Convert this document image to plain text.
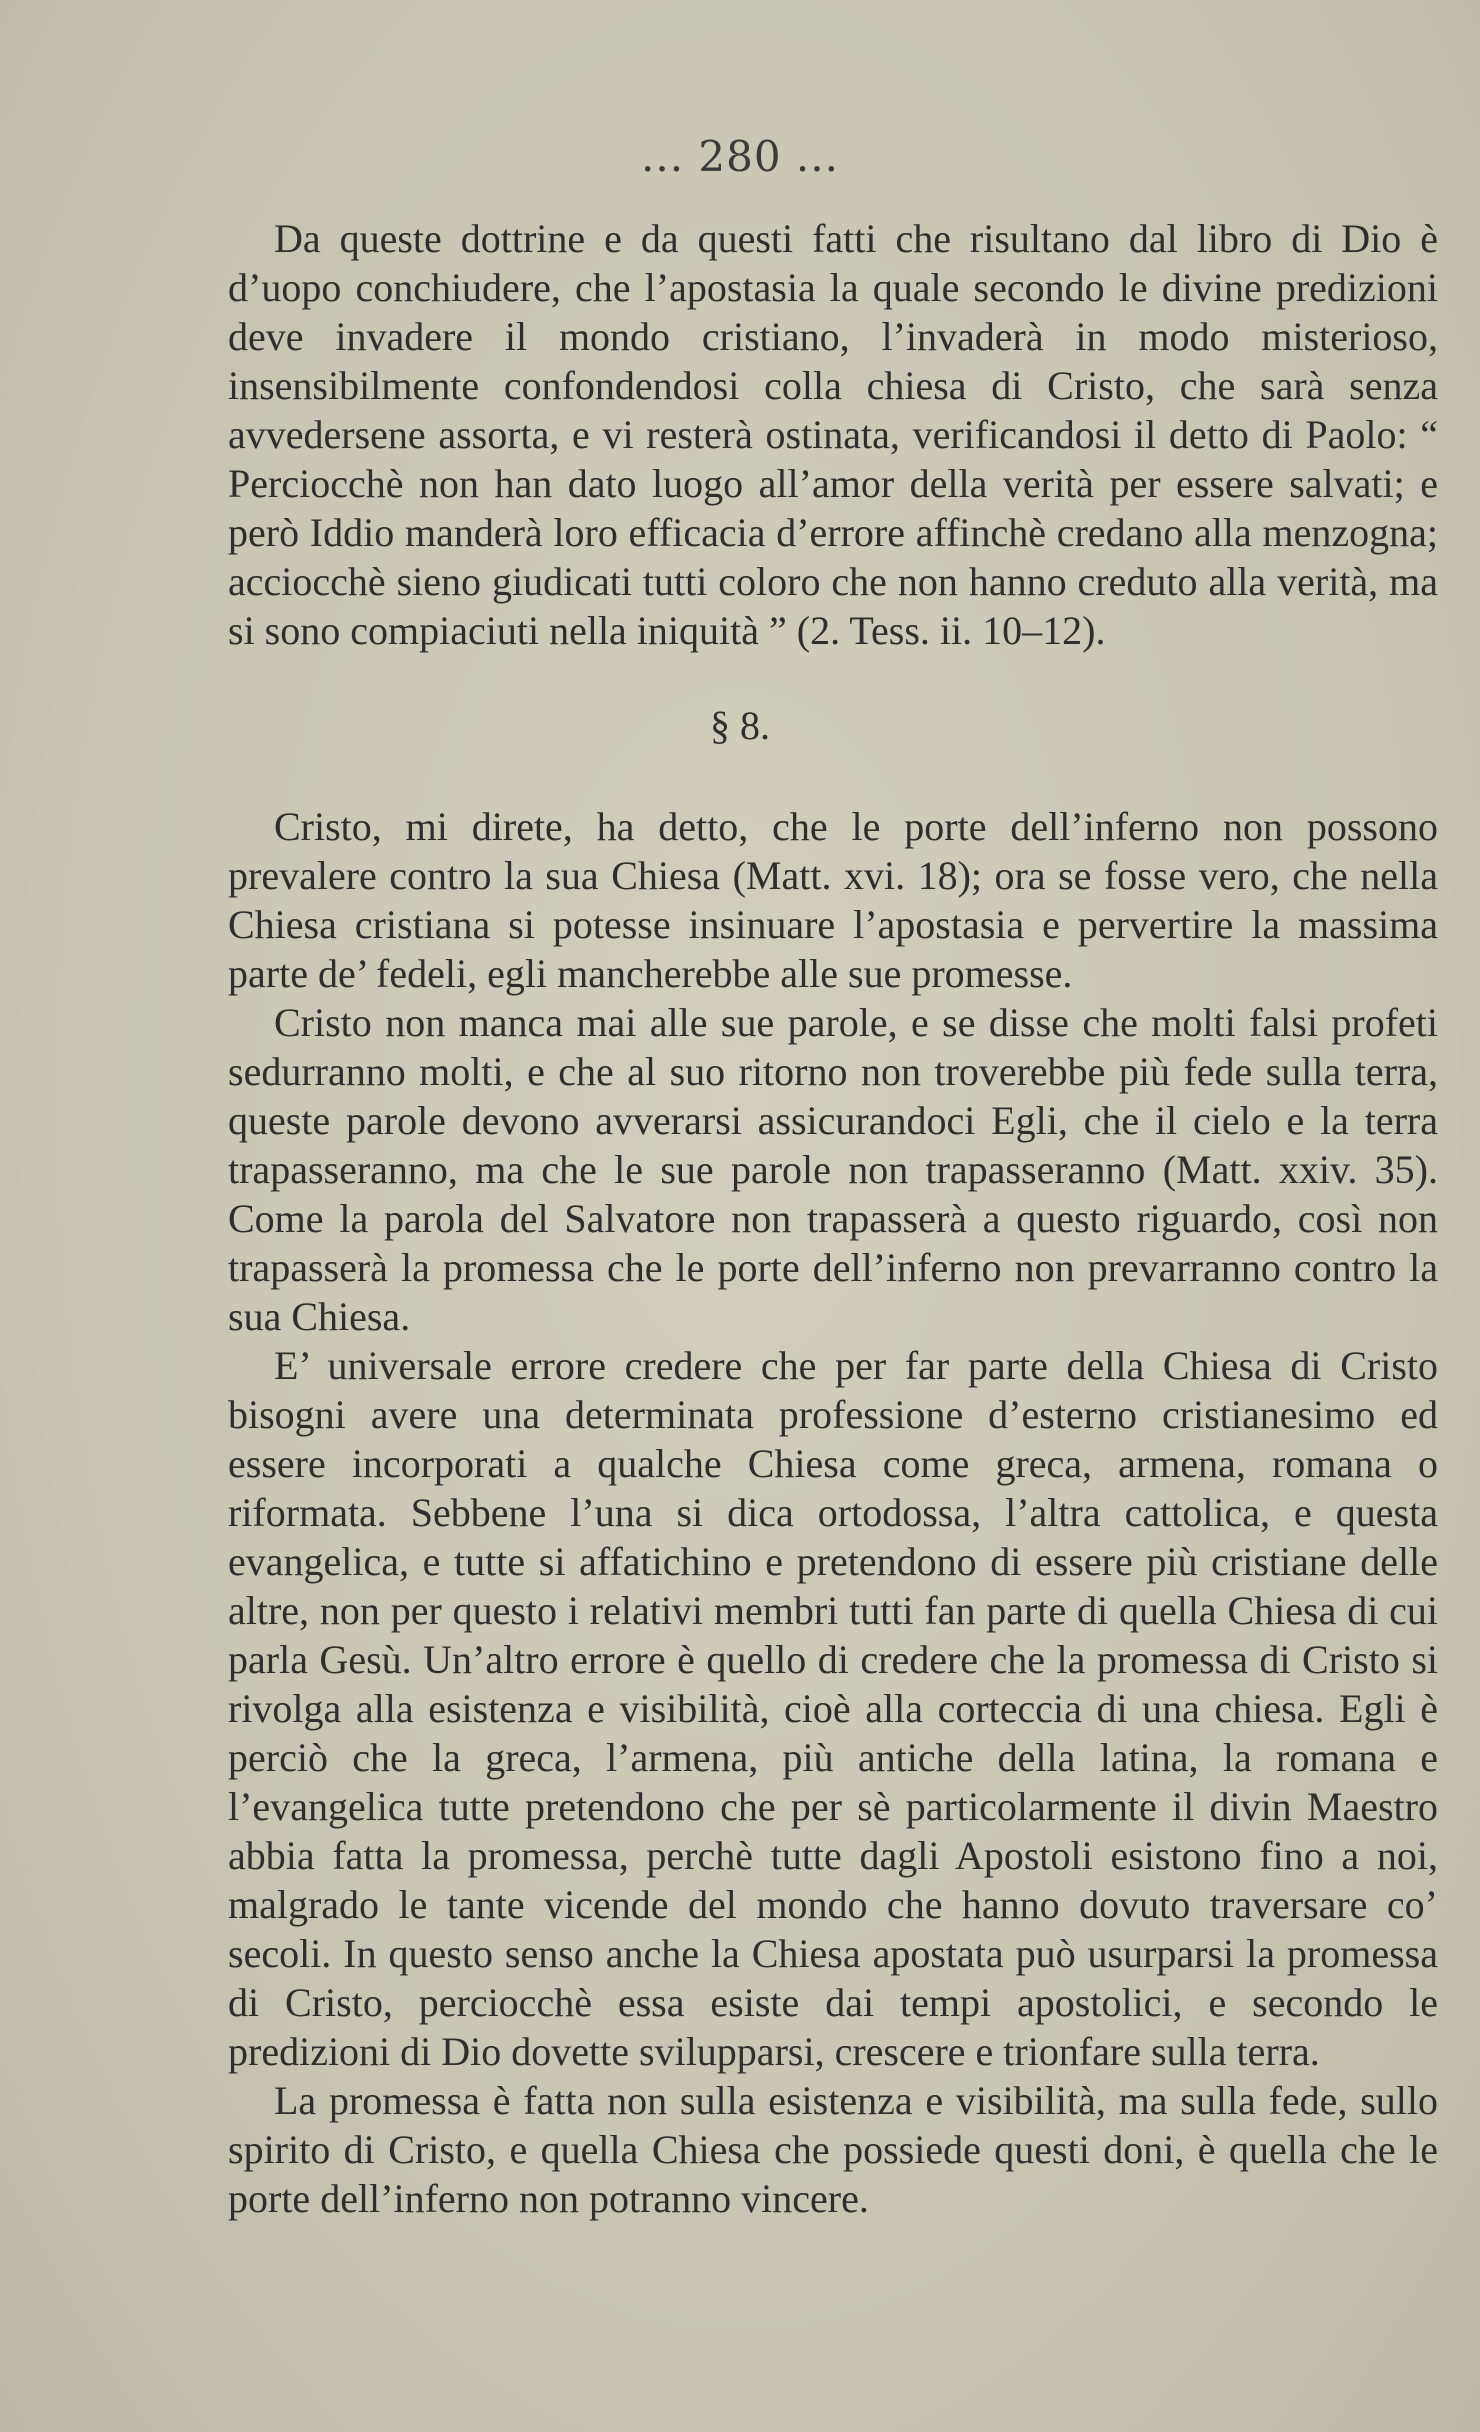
... 280 ...

Da queste dottrine e da questi fatti che risultano dal libro di Dio è d’uopo conchiudere, che l’apostasia la quale secondo le divine predizioni deve invadere il mondo cristiano, l’invaderà in modo misterioso, insensibilmente confondendosi colla chiesa di Cristo, che sarà senza avvedersene assorta, e vi resterà ostinata, verificandosi il detto di Paolo: “ Perciocchè non han dato luogo all’amor della verità per essere salvati; e però Iddio manderà loro efficacia d’errore affinchè credano alla menzogna; acciocchè sieno giudicati tutti coloro che non hanno creduto alla verità, ma si sono compiaciuti nella iniquità ” (2. Tess. ii. 10–12).

§ 8.

Cristo, mi direte, ha detto, che le porte dell’inferno non possono prevalere contro la sua Chiesa (Matt. xvi. 18); ora se fosse vero, che nella Chiesa cristiana si potesse insinuare l’apostasia e pervertire la massima parte de’ fedeli, egli mancherebbe alle sue promesse.

Cristo non manca mai alle sue parole, e se disse che molti falsi profeti sedurranno molti, e che al suo ritorno non troverebbe più fede sulla terra, queste parole devono avverarsi assicurandoci Egli, che il cielo e la terra trapasseranno, ma che le sue parole non trapasseranno (Matt. xxiv. 35). Come la parola del Salvatore non trapasserà a questo riguardo, così non trapasserà la promessa che le porte dell’inferno non prevarranno contro la sua Chiesa.

E’ universale errore credere che per far parte della Chiesa di Cristo bisogni avere una determinata professione d’esterno cristianesimo ed essere incorporati a qualche Chiesa come greca, armena, romana o riformata. Sebbene l’una si dica ortodossa, l’altra cattolica, e questa evangelica, e tutte si affatichino e pretendono di essere più cristiane delle altre, non per questo i relativi membri tutti fan parte di quella Chiesa di cui parla Gesù. Un’altro errore è quello di credere che la promessa di Cristo si rivolga alla esistenza e visibilità, cioè alla corteccia di una chiesa. Egli è perciò che la greca, l’armena, più antiche della latina, la romana e l’evangelica tutte pretendono che per sè particolarmente il divin Maestro abbia fatta la promessa, perchè tutte dagli Apostoli esistono fino a noi, malgrado le tante vicende del mondo che hanno dovuto traversare co’ secoli. In questo senso anche la Chiesa apostata può usurparsi la promessa di Cristo, perciocchè essa esiste dai tempi apostolici, e secondo le predizioni di Dio dovette svilupparsi, crescere e trionfare sulla terra.

La promessa è fatta non sulla esistenza e visibilità, ma sulla fede, sullo spirito di Cristo, e quella Chiesa che possiede questi doni, è quella che le porte dell’inferno non potranno vincere.
